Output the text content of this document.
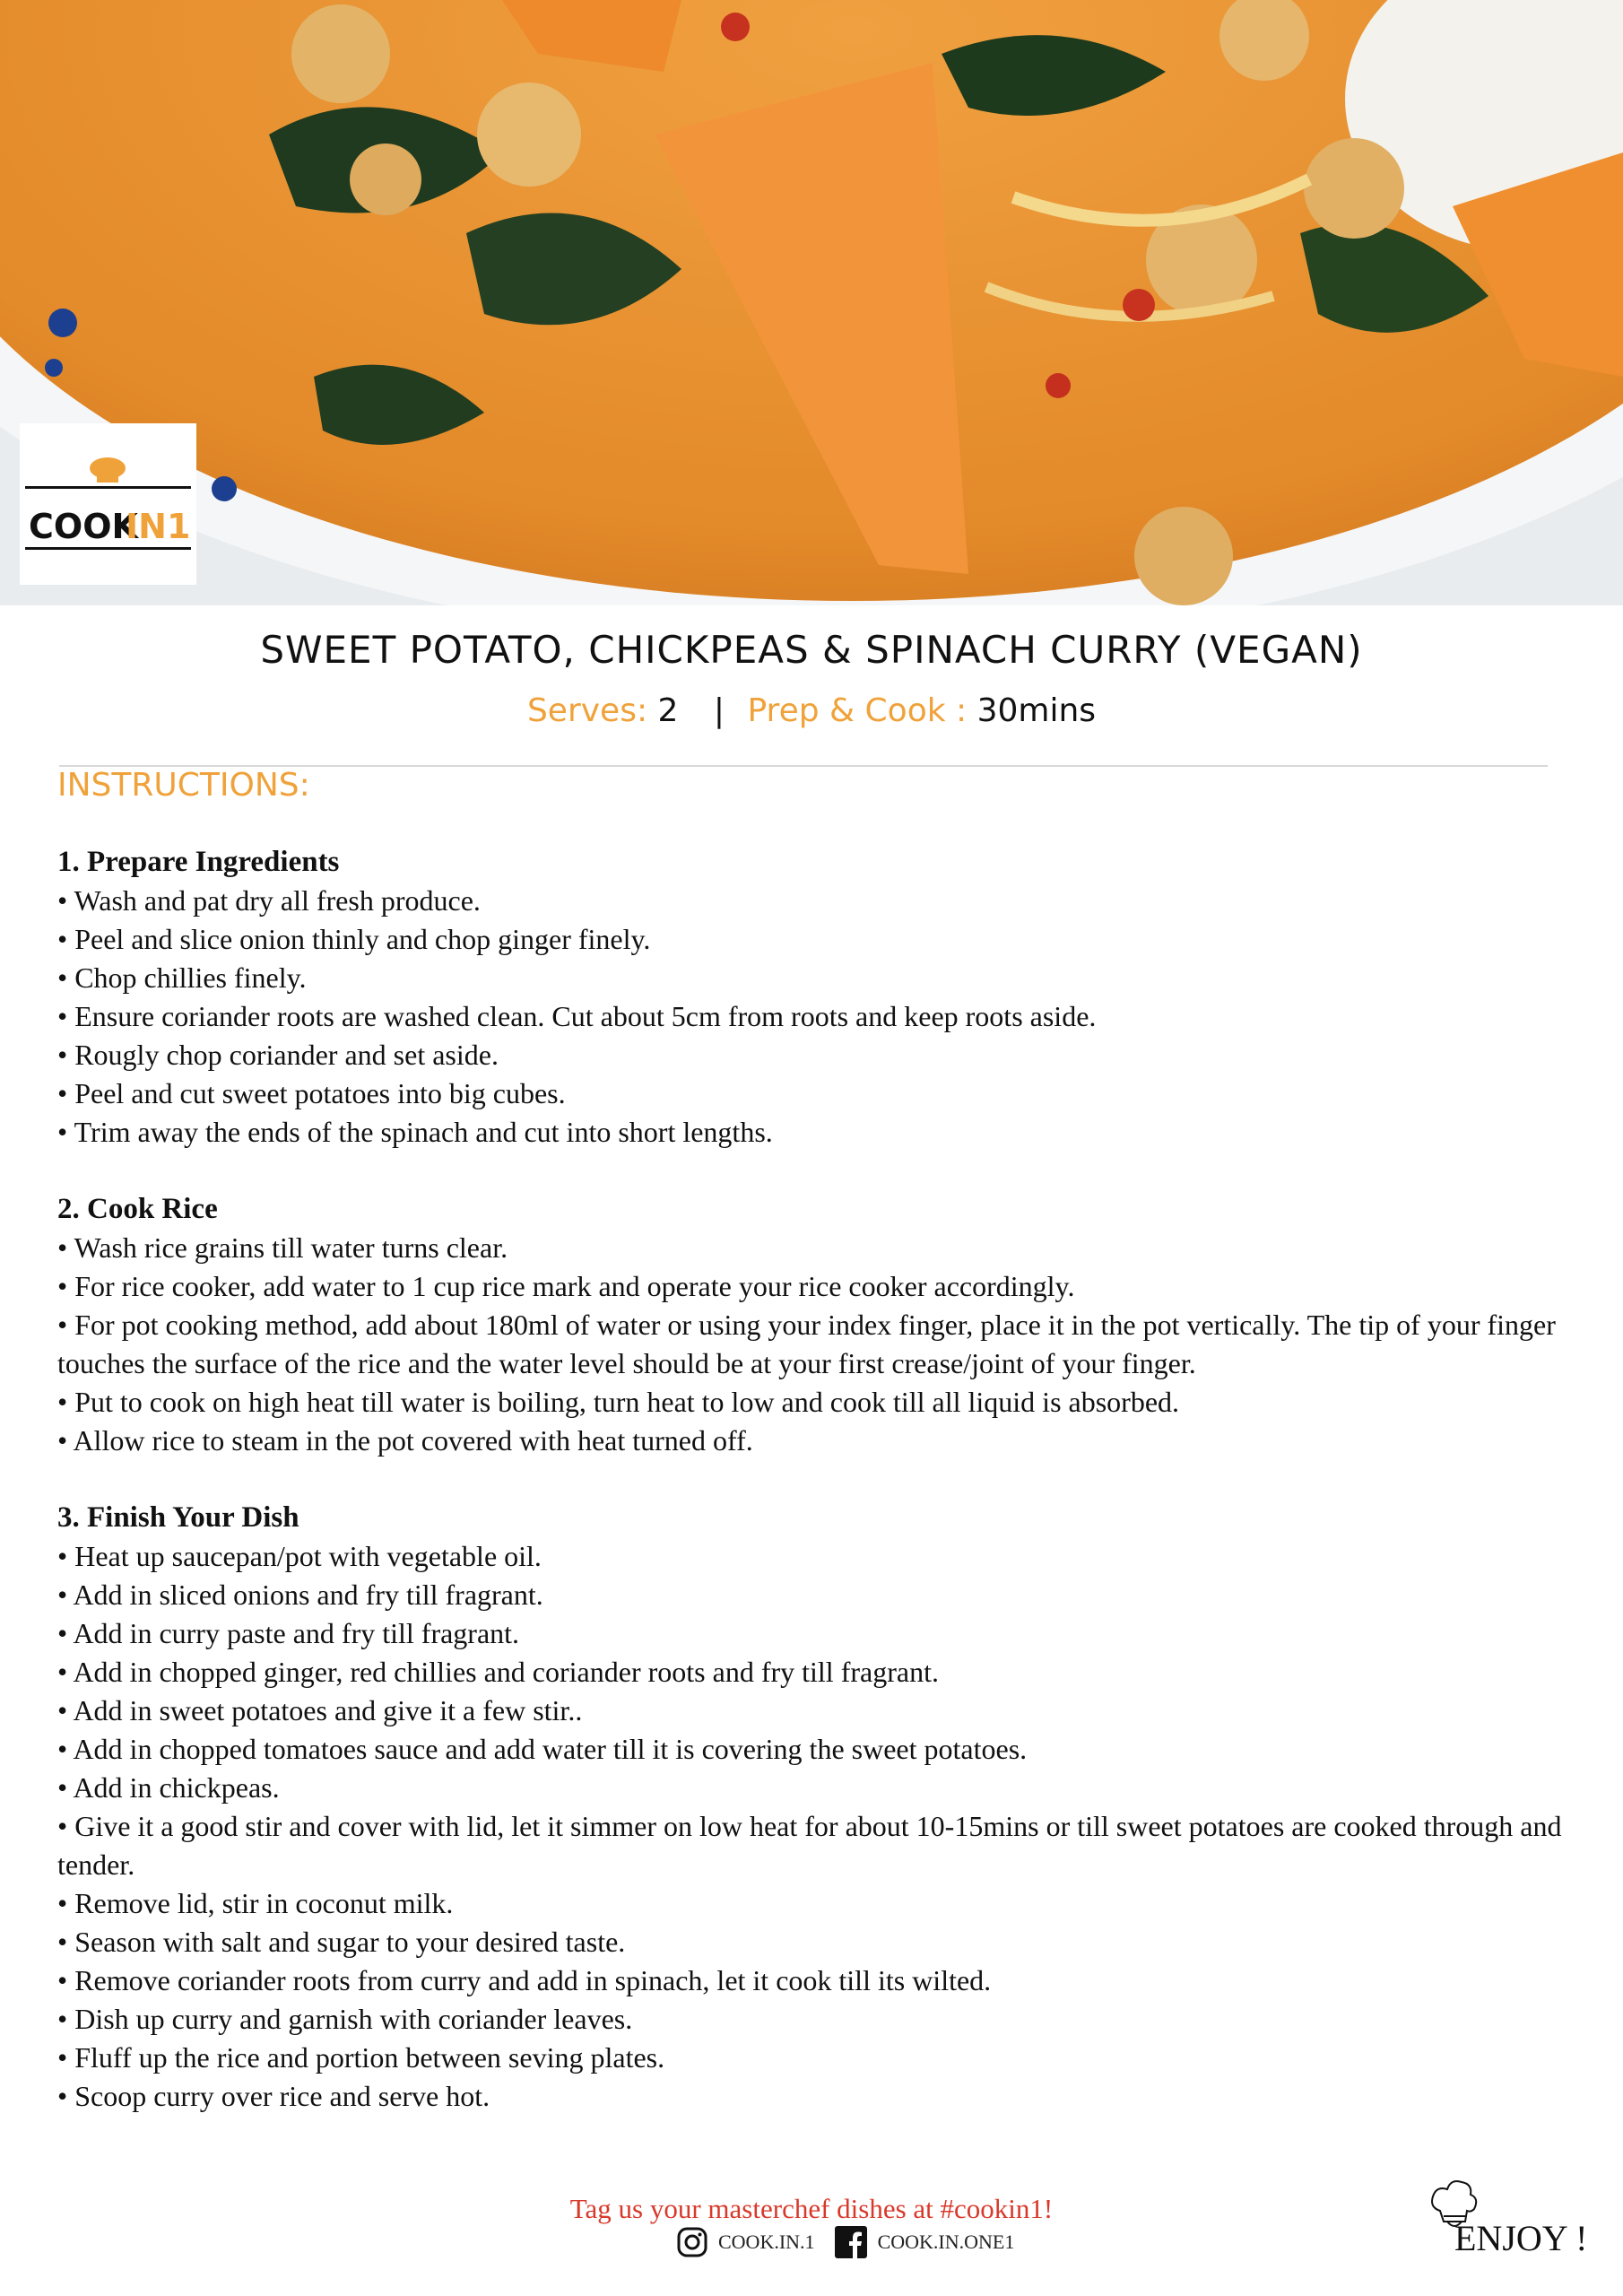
COOK
IN1
SWEET POTATO, CHICKPEAS & SPINACH CURRY (VEGAN)
Serves: 2 | Prep & Cook : 30mins
INSTRUCTIONS:
1. Prepare Ingredients

• Wash and pat dry all fresh produce.

• Peel and slice onion thinly and chop ginger finely.

• Chop chillies finely.

• Ensure coriander roots are washed clean. Cut about 5cm from roots and keep roots aside.

• Rougly chop coriander and set aside.

• Peel and cut sweet potatoes into big cubes.

• Trim away the ends of the spinach and cut into short lengths.

2. Cook Rice

• Wash rice grains till water turns clear.

• For rice cooker, add water to 1 cup rice mark and operate your rice cooker accordingly.

• For pot cooking method, add about 180ml of water or using your index finger, place it in the pot vertically. The tip of your finger touches the surface of the rice and the water level should be at your first crease/joint of your finger.

• Put to cook on high heat till water is boiling, turn heat to low and cook till all liquid is absorbed.

• Allow rice to steam in the pot covered with heat turned off.

3. Finish Your Dish

• Heat up saucepan/pot with vegetable oil.

• Add in sliced onions and fry till fragrant.

• Add in curry paste and fry till fragrant.

• Add in chopped ginger, red chillies and coriander roots and fry till fragrant.

• Add in sweet potatoes and give it a few stir..

• Add in chopped tomatoes sauce and add water till it is covering the sweet potatoes.

• Add in chickpeas.

• Give it a good stir and cover with lid, let it simmer on low heat for about 10-15mins or till sweet potatoes are cooked through and tender.

• Remove lid, stir in coconut milk.

• Season with salt and sugar to your desired taste.

• Remove coriander roots from curry and add in spinach, let it cook till its wilted.

• Dish up curry and garnish with coriander leaves.

• Fluff up the rice and portion between seving plates.

• Scoop curry over rice and serve hot.

Tag us your masterchef dishes at #cookin1!
COOK.IN.1	COOK.IN.ONE1	ENJOY !
